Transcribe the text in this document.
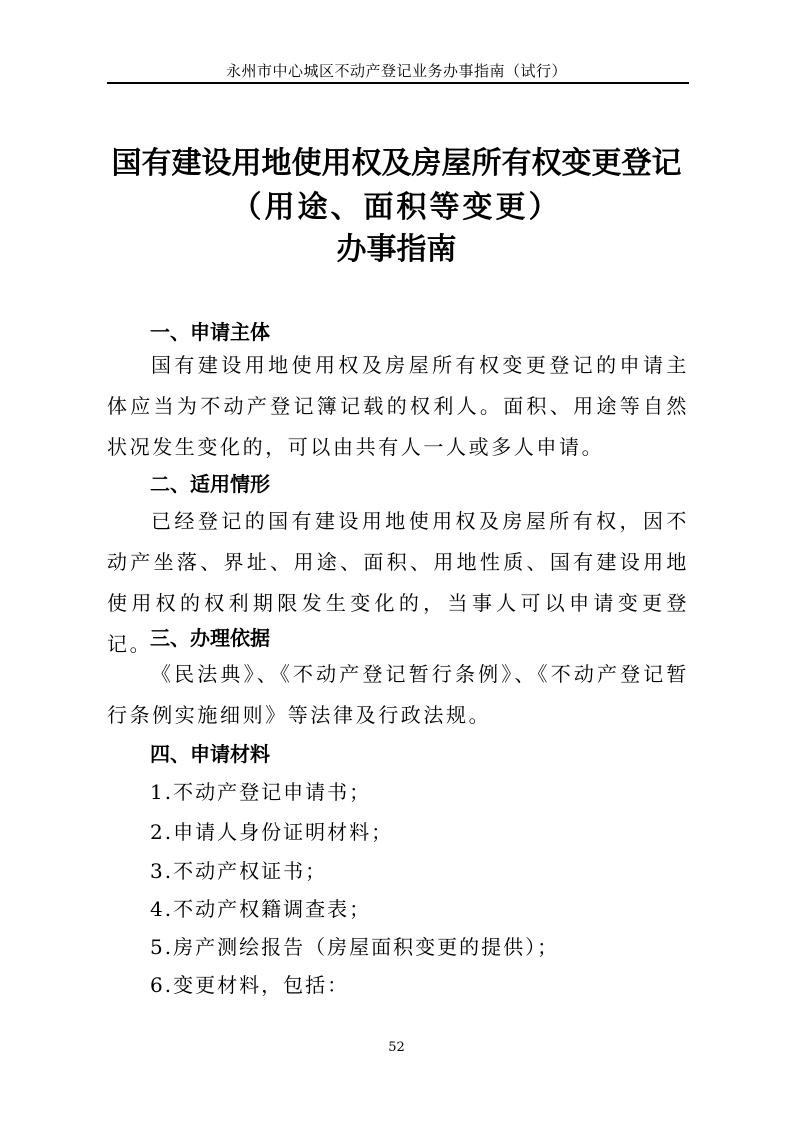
永州市中心城区不动产登记业务办事指南（试行）
国有建设用地使用权及房屋所有权变更登记
（用途、面积等变更）
办事指南
一、申请主体
国有建设用地使用权及房屋所有权变更登记的申请主体应当为不动产登记簿记载的权利人。面积、用途等自然状况发生变化的，可以由共有人一人或多人申请。
二、适用情形
已经登记的国有建设用地使用权及房屋所有权，因不动产坐落、界址、用途、面积、用地性质、国有建设用地使用权的权利期限发生变化的，当事人可以申请变更登记。
三、办理依据
《民法典》、《不动产登记暂行条例》、《不动产登记暂行条例实施细则》等法律及行政法规。
四、申请材料
1.不动产登记申请书；
2.申请人身份证明材料；
3.不动产权证书；
4.不动产权籍调查表；
5.房产测绘报告（房屋面积变更的提供）；
6.变更材料，包括：
52
